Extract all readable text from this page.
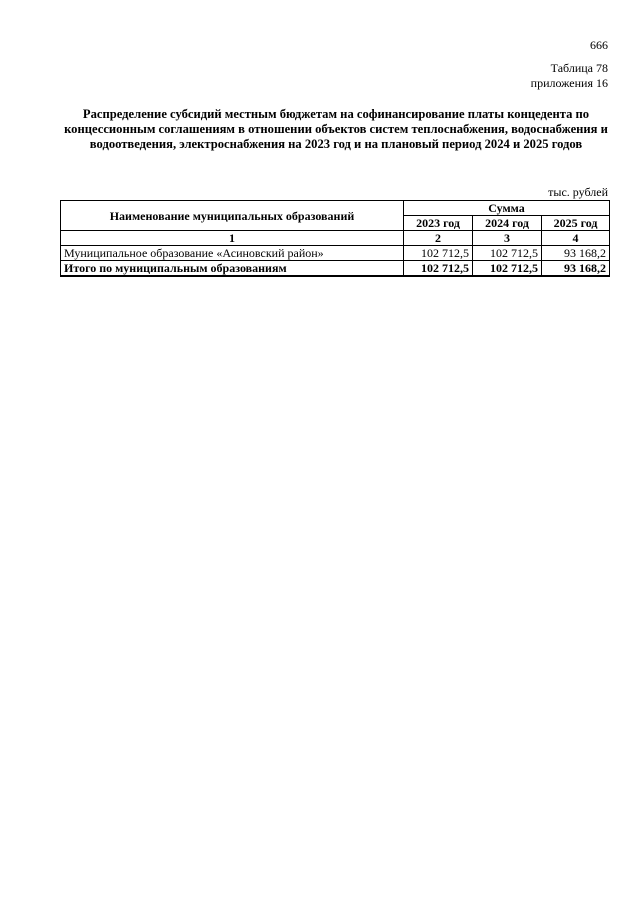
666
Таблица 78
приложения 16
Распределение субсидий местным бюджетам на софинансирование платы концедента по концессионным соглашениям в отношении объектов систем теплоснабжения, водоснабжения и водоотведения, электроснабжения на 2023 год и на плановый период 2024 и 2025 годов
тыс. рублей
Наименование муниципальных образований	Сумма		
	2023 год	2024 год	2025 год
1	2	3	4
Муниципальное образование «Асиновский район»	102 712,5	102 712,5	93 168,2
Итого по муниципальным образованиям	102 712,5	102 712,5	93 168,2
